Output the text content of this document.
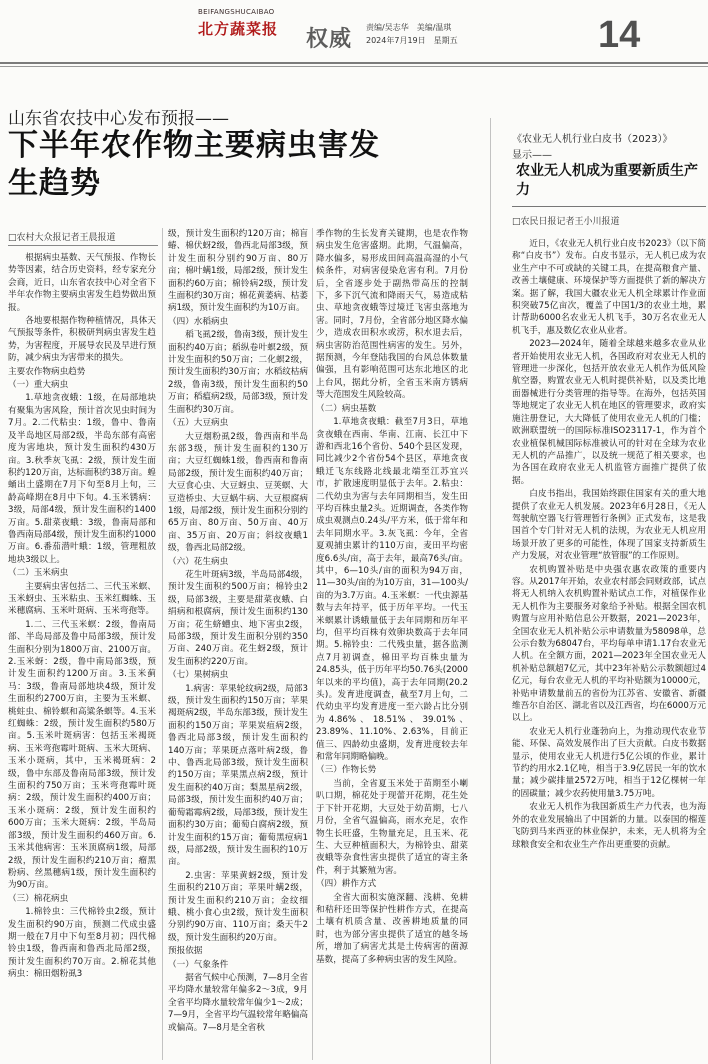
BEIFANGSHUCAIBAO
北方蔬菜报	权威 责编/吴志华　美编/温琪
2024年7月19日　星期五	14
山东省农技中心发布预报——
下半年农作物主要病虫害发生趋势
□农村大众报记者王晨报道

根据病虫基数、天气预报、作物长势等因素，结合历史资料，经专家充分会商，近日，山东省农技中心对全省下半年农作物主要病虫害发生趋势做出预报。

各地要根据作物种植情况，具体天气预报等条件，积极研判病虫害发生趋势，为害程度，开展导农民及早进行预防，减少病虫为害带来的损失。

主要农作物病虫趋势

（一）重大病虫

1.草地贪夜蛾：1级，在局部地块有聚集为害风险，预计首次见虫时间为7月。2.二代粘虫：1级，鲁中、鲁南及半岛地区局部2级，半岛东部有高密度为害地块，预计发生面积约430万亩。3.秋季灰飞虱：2级，预计发生面积约120万亩，达标面积约38万亩。蝗蛹出土盛期在7月下旬至8月上旬，三龄高峰期在8月中下旬。4.玉米锈病：3级，局部4级，预计发生面积约1400万亩。5.甜菜夜蛾：3级，鲁南局部和鲁西南局部4级，预计发生面积约1000万亩。6.番茄潜叶蛾：1级，管理粗放地块3级以上。

（二）玉米病虫

主要病虫害包括二、三代玉米螟、玉米蚜虫、玉米粘虫、玉米红蜘蛛、玉米穗腐病、玉米叶斑病、玉米弯孢等。

1.二、三代玉米螟：2级，鲁南局部、半岛局部及鲁中局部3级，预计发生面积分别为1800万亩、2100万亩。2.玉米蚜：2级，鲁中南局部3级，预计发生面积约1200万亩。3.玉米蓟马：3级，鲁南局部地块4级，预计发生面积约2700万亩，主要为玉米螟、桃蛀虫、棉铃螟和高粱条螟等。4.玉米红蜘蛛：2级，预计发生面积约580万亩。5.玉米叶斑病害：包括玉米褐斑病、玉米弯孢霉叶斑病、玉米大斑病、玉米小斑病，其中，玉米褐斑病：2级，鲁中东部及鲁南局部3级，预计发生面积约750万亩；玉米弯孢霉叶斑病：2级，预计发生面积约400万亩；玉米小斑病：2级，预计发生面积约600万亩；玉米大斑病：2级，半岛局部3级，预计发生面积约460万亩。6.玉米其他病害：玉米顶腐病1级，局部2级，预计发生面积约210万亩；瘤黑粉病、丝黑穗病1级，预计发生面积约为90万亩。

（三）棉花病虫

1.棉铃虫：三代棉铃虫2级，预计发生面积约90万亩，预测二代成虫盛期一般在7月中下旬至8月初；四代棉铃虫1级，鲁西南和鲁西北局部2级，预计发生面积约70万亩。2.棉花其他病虫：棉田烟粉虱3

级，预计发生面积约120万亩；棉盲蝽、棉伏蚜2级，鲁西北局部3级，预计发生面积分别约90万亩、80万亩；棉叶螨1级，局部2级，预计发生面积约60万亩；棉铃病2级，预计发生面积约30万亩；棉花黄萎病、枯萎病1级，预计发生面积约为10万亩。

（四）水稻病虫

稻飞虱2级，鲁南3级，预计发生面积约40万亩；稻纵卷叶螟2级，预计发生面积约50万亩；二化螟2级，预计发生面积约30万亩；水稻纹枯病2级，鲁南3级，预计发生面积约50万亩；稻瘟病2级，局部3级，预计发生面积约30万亩。

（五）大豆病虫

大豆烟粉虱2级，鲁西南和半岛东部3级，预计发生面积约130万亩；大豆红蜘蛛1级，鲁西南和鲁南局部2级，预计发生面积约40万亩；大豆食心虫、大豆蚜虫、豆荚螟、大豆造桥虫、大豆蜗牛病、大豆根腐病1级，局部2级，预计发生面积分别约65万亩、80万亩、50万亩、40万亩、35万亩、20万亩；斜纹夜蛾1级，鲁西北局部2级。

（六）花生病虫

花生叶斑病3级，半岛局部4级，预计发生面积约500万亩；棉铃虫2级，局部3级，主要是甜菜夜蛾、白绢病和根腐病，预计发生面积约130万亩；花生蛴螬虫、地下害虫2级，局部3级，预计发生面积分别约350万亩、240万亩。花生蚜2级，预计发生面积约220万亩。

（七）果树病虫

1.病害：苹果轮纹病2级，局部3级，预计发生面积约150万亩；苹果褐斑病2级，半岛东部3级，预计发生面积约150万亩；苹果炭疽病2级，鲁西北局部3级，预计发生面积约140万亩；苹果斑点落叶病2级，鲁中、鲁西北局部3级，预计发生面积约150万亩；苹果黑点病2级，预计发生面积约40万亩；梨黑星病2级，局部3级，预计发生面积约40万亩；葡萄霜霉病2级，局部3级，预计发生面积约30万亩；葡萄白腐病2级，预计发生面积约15万亩；葡萄黑痘病1级，局部2级，预计发生面积约10万亩。

2.虫害：苹果黄蚜2级，预计发生面积约210万亩；苹果叶螨2级，预计发生面积约210万亩；金纹细蛾、桃小食心虫2级，预计发生面积分别约90万亩、110万亩；桑天牛2级，预计发生面积约20万亩。

预报依据

（一）气象条件

据省气候中心预测，7—8月全省平均降水量较常年偏多2～3成，9月全省平均降水量较常年偏少1～2成；7—9月，全省平均气温较常年略偏高或偏高。7—8月是全省秋

季作物的生长发育关键期，也是农作物病虫发生危害盛期。此期，气温偏高，降水偏多，易形成田间高温高湿的小气候条件，对病害侵染危害有利。7月份后，全省逐步处于副热带高压的控制下，多下沉气流和降雨天气，易造成粘虫、草地贪夜蛾等过境迁飞害虫落地为害。同时，7月份，全省部分地区降水偏少，造成农田积水或涝，积水退去后，病虫害防治范围性病害的发生。另外，据预测，今年登陆我国的台风总体数量偏强，且有影响范围可达东北地区的北上台风，据此分析，全省玉米南方锈病等大范围发生风险较高。

（二）病虫基数

1.草地贪夜蛾：截至7月3日，草地贪夜蛾在西南、华南、江南、长江中下游和西北16个省份、540个县区发现，同比减少2个省份54个县区，草地贪夜蛾迁飞东线路北线最北端至江苏宜兴市，扩散速度明显低于去年。2.粘虫：二代幼虫为害与去年同期相当，发生田平均百株虫量2头。近期调查，各类作物成虫观测点0.24头/平方米，低于常年和去年同期水平。3.灰飞虱：今年，全省夏观捕虫累计约110万亩，麦田平均密度6.6头/亩，高于去年，最高76头/亩。其中，6—10头/亩的面积为94万亩，11—30头/亩的为10万亩，31—100头/亩的为3.7万亩。4.玉米螟：一代虫源基数与去年持平，低于历年平均。一代玉米螟累计诱蛾量低于去年同期和历年平均，但平均百株有效卵块数高于去年同期。5.棉铃虫：二代残虫量，据各监测点7月初调查，棉田平均百株虫量为24.85头，低于历年平均50.76头(2000年以来的平均值)，高于去年同期(20.2头)。发育进度调查，截至7月上旬，二代幼虫平均发育进度一至六龄占比分别为4.86%、18.51%、39.01%、23.89%、11.10%、2.63%，目前正值三、四龄幼虫盛期，发育进度较去年和常年同期略偏晚。

（三）作物长势

当前，全省夏玉米处于苗期至小喇叭口期，棉花处于现蕾开花期，花生处于下针开花期，大豆处于幼苗期，七八月份，全省气温偏高，雨水充足，农作物生长旺盛，生物量充足，且玉米、花生、大豆种植面积大，为棉铃虫、甜菜夜蛾等杂食性害虫提供了适宜的寄主条件，利于其繁殖为害。

（四）耕作方式

全省大面积实施深翻、浅耕、免耕和秸秆还田等保护性耕作方式，在提高土壤有机质含量、改善耕地质量的同时，也为部分害虫提供了适宜的越冬场所，增加了病害尤其是土传病害的菌源基数，提高了多种病虫害的发生风险。

《农业无人机行业白皮书（2023）》
显示——
农业无人机成为重要新质生产力
□农民日报记者王小川报道

近日，《农业无人机行业白皮书2023》（以下简称“白皮书”）发布。白皮书显示，无人机已成为农业生产中不可或缺的关键工具，在提高粮食产量、改善土壤健康、环境保护等方面提供了新的解决方案。据了解，我国大疆农业无人机全球累计作业面积突破75亿亩次，覆盖了中国1/3的农业土地，累计帮助6000名农业无人机飞手，30万名农业无人机飞手，惠及数亿农业从业者。

2023—2024年，随着全球越来越多农业从业者开始使用农业无人机，各国政府对农业无人机的管理进一步深化，包括开放农业无人机作为低风险航空器，购置农业无人机时提供补贴，以及类比地面器械进行分类管理的指导等。在海外，包括英国等地规定了农业无人机在地区的管理要求，政府实施注册登记，大大降低了使用农业无人机的门槛；欧洲联盟统一的国际标准ISO23117-1，作为首个农业植保机械国际标准被认可的针对在全球为农业无人机的产品推广，以及统一规范了相关要求，也为各国在政府农业无人机监管方面推广提供了依据。

白皮书指出，我国始终跟住国家有关的重大地提供了农业无人机发展。2023年6月28日，《无人驾驶航空器飞行管理暂行条例》正式发布，这是我国首个专门针对无人机的法规，为农业无人机应用场景开放了更多的可能性，体现了国家支持新质生产力发展，对农业管理“放管服”的工作原则。

农机购置补贴是中央强农惠农政策的重要内容。从2017年开始，农业农村部会同财政部，试点将无人机纳入农机购置补贴试点工作，对植保作业无人机作为主要服务对象给予补贴。根据全国农机购置与应用补贴信息公开数据，2021—2023年，全国农业无人机补贴公示申请数量为58098单，总公示台数为68047台，平均每单申请1.17台农业无人机。在全额方面，2021—2023年全国农业无人机补贴总额超7亿元，其中23年补贴公示数额超过4亿元，每台农业无人机的平均补贴额为10000元，补贴申请数量前五的省份为江苏省、安徽省、新疆维吾尔自治区、湖北省以及江西省，均在6000万元以上。

农业无人机行业蓬勃向上，为推动现代农业节能、环保、高效发展作出了巨大贡献。白皮书数据显示，使用农业无人机进行5亿公顷的作业，累计节约约用水2.1亿吨，相当于3.9亿居民一年的饮水量；减少碳排量2572万吨，相当于12亿棵树一年的固碳量；减少农药使用量3.75万吨。

农业无人机作为我国新质生产力代表，也为海外的农业发展输出了中国新的力量。以泰国的榴莲飞防到马来西亚的林业保护，未来，无人机将为全球粮食安全和农业生产作出更重要的贡献。
